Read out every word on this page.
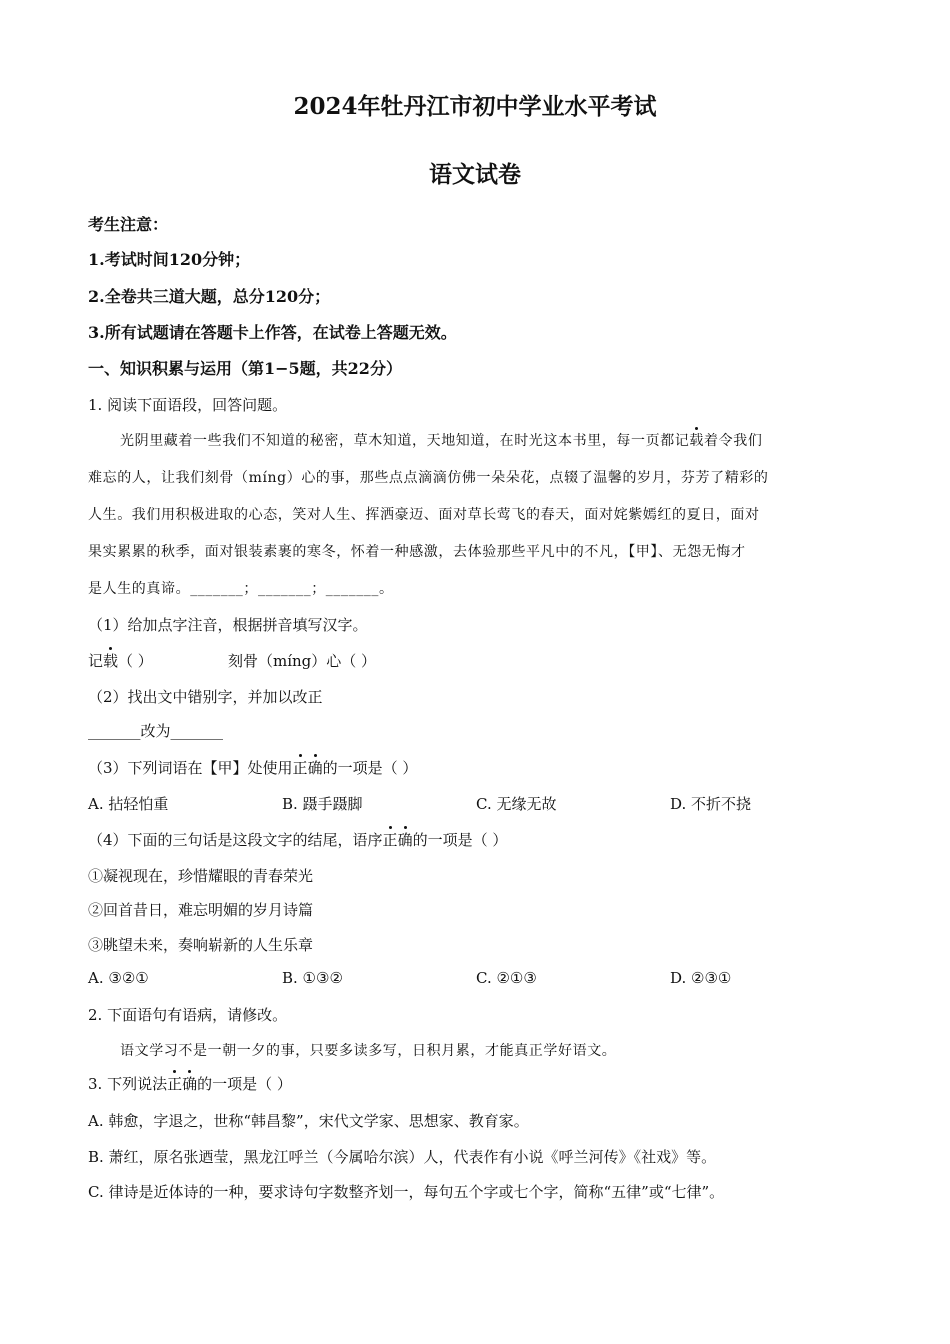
2024年牡丹江市初中学业水平考试
语文试卷
考生注意：
1.考试时间120分钟；
2.全卷共三道大题，总分120分；
3.所有试题请在答题卡上作答，在试卷上答题无效。
一、知识积累与运用（第1−5题，共22分）
1. 阅读下面语段，回答问题。
光阴里藏着一些我们不知道的秘密，草木知道，天地知道，在时光这本书里，每一页都记载着令我们
难忘的人，让我们刻骨（míng）心的事，那些点点滴滴仿佛一朵朵花，点辍了温馨的岁月，芬芳了精彩的
人生。我们用积极进取的心态，笑对人生、挥洒豪迈、面对草长莺飞的春天，面对姹紫嫣红的夏日，面对
果实累累的秋季，面对银装素裹的寒冬，怀着一种感激，去体验那些平凡中的不凡，【甲】、无怨无悔才
是人生的真谛。_______；_______；_______。
（1）给加点字注音，根据拼音填写汉字。
记载（ ）	刻骨（míng）心（ ）
（2）找出文中错别字，并加以改正
_______改为_______
（3）下列词语在【甲】处使用正确的一项是（ ）
A. 拈轻怕重	B. 蹑手蹑脚	C. 无缘无故	D. 不折不挠
（4）下面的三句话是这段文字的结尾，语序正确的一项是（ ）
①凝视现在，珍惜耀眼的青春荣光
②回首昔日，难忘明媚的岁月诗篇
③眺望未来，奏响崭新的人生乐章
A. ③②①	B. ①③②	C. ②①③	D. ②③①
2. 下面语句有语病，请修改。
语文学习不是一朝一夕的事，只要多读多写，日积月累，才能真正学好语文。
3. 下列说法正确的一项是（ ）
A. 韩愈，字退之，世称“韩昌黎”，宋代文学家、思想家、教育家。
B. 萧红，原名张迺莹，黑龙江呼兰（今属哈尔滨）人，代表作有小说《呼兰河传》《社戏》等。
C. 律诗是近体诗的一种，要求诗句字数整齐划一，每句五个字或七个字，简称“五律”或“七律”。
